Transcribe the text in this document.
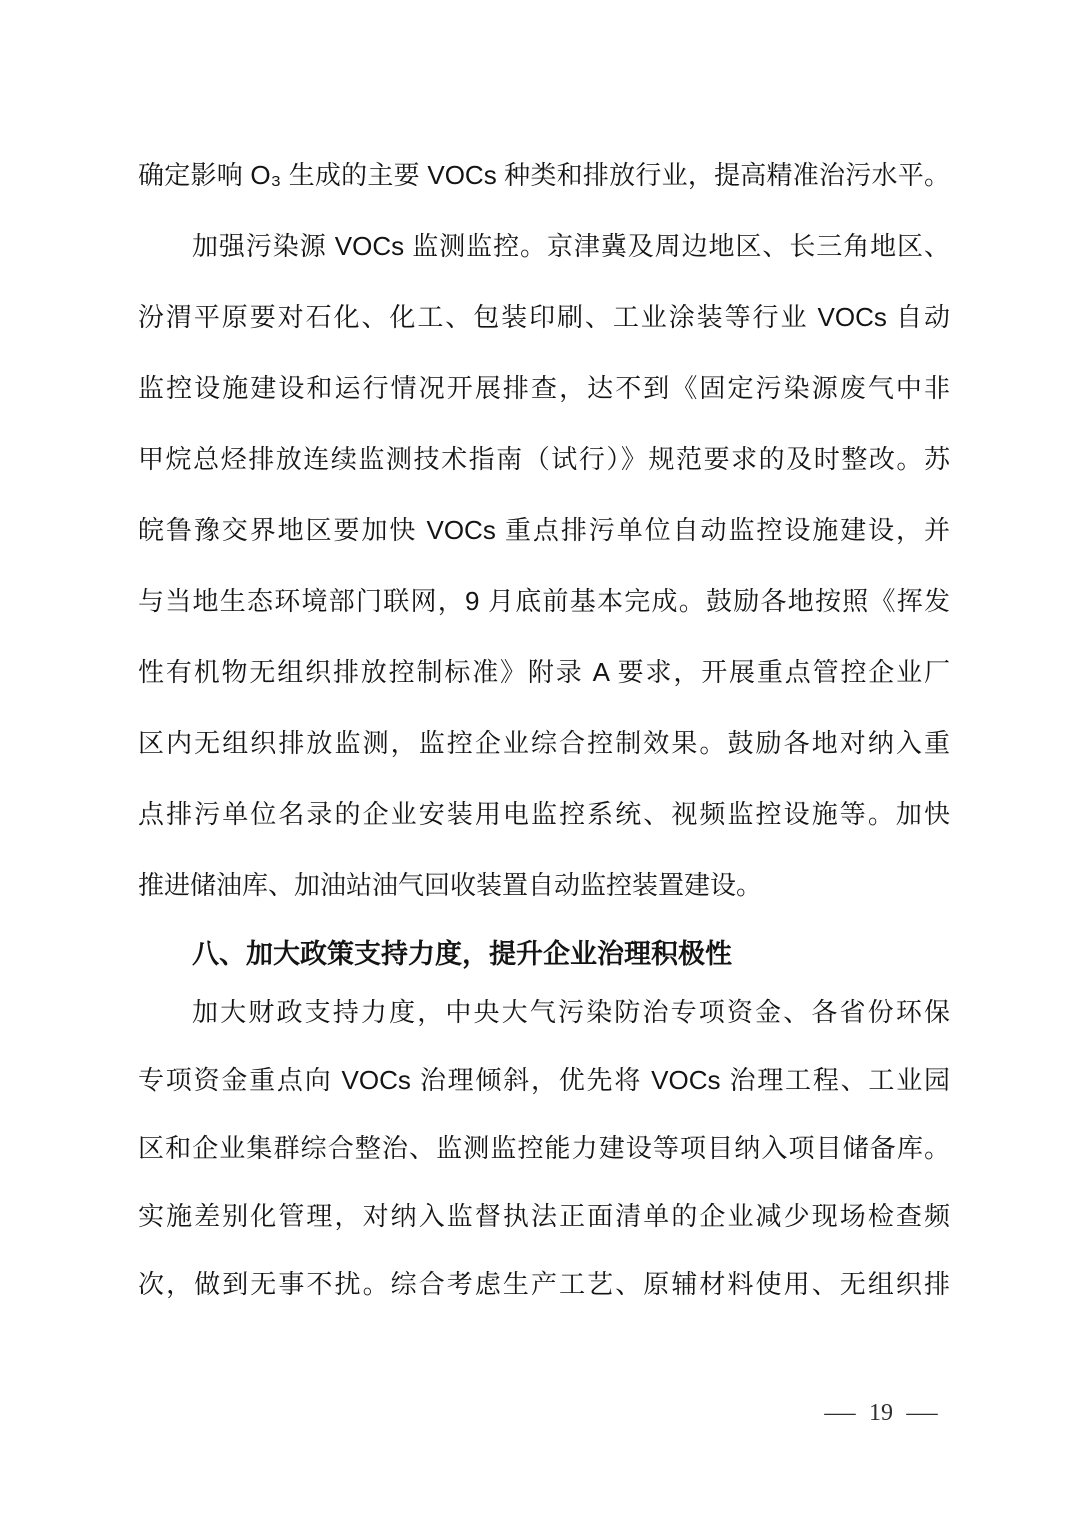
确定影响 O₃ 生成的主要 VOCs 种类和排放行业，提高精准治污水平。
加强污染源 VOCs 监测监控。京津冀及周边地区、长三角地区、
汾渭平原要对石化、化工、包装印刷、工业涂装等行业 VOCs 自动
监控设施建设和运行情况开展排查，达不到《固定污染源废气中非
甲烷总烃排放连续监测技术指南（试行）》规范要求的及时整改。苏
皖鲁豫交界地区要加快 VOCs 重点排污单位自动监控设施建设，并
与当地生态环境部门联网，9 月底前基本完成。鼓励各地按照《挥发
性有机物无组织排放控制标准》附录 A 要求，开展重点管控企业厂
区内无组织排放监测，监控企业综合控制效果。鼓励各地对纳入重
点排污单位名录的企业安装用电监控系统、视频监控设施等。加快
推进储油库、加油站油气回收装置自动监控装置建设。
八、加大政策支持力度，提升企业治理积极性
加大财政支持力度，中央大气污染防治专项资金、各省份环保
专项资金重点向 VOCs 治理倾斜，优先将 VOCs 治理工程、工业园
区和企业集群综合整治、监测监控能力建设等项目纳入项目储备库。
实施差别化管理，对纳入监督执法正面清单的企业减少现场检查频
次，做到无事不扰。综合考虑生产工艺、原辅材料使用、无组织排
— 19 —
